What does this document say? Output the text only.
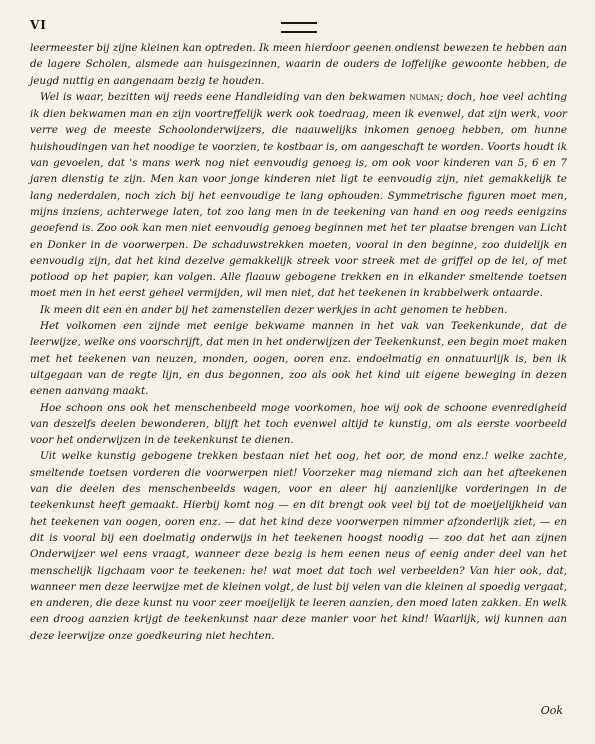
VI

leermeester bij zijne kleinen kan optreden. Ik meen hierdoor geenen ondienst bewezen te hebben aan de lagere Scholen, alsmede aan huisgezinnen, waarin de ouders de loffelijke gewoonte hebben, de jeugd nuttig en aangenaam bezig te houden.

Wel is waar, bezitten wij reeds eene Handleiding van den bekwamen numan; doch, hoe veel achting ik dien bekwamen man en zijn voortreffelijk werk ook toedraag, meen ik evenwel, dat zijn werk, voor verre weg de meeste Schoolonderwijzers, die naauwelijks inkomen genoeg hebben, om hunne huishoudingen van het noodige te voorzien, te kostbaar is, om aangeschaft te worden. Voorts houdt ik van gevoelen, dat 's mans werk nog niet eenvoudig genoeg is, om ook voor kinderen van 5, 6 en 7 jaren dienstig te zijn. Men kan voor jonge kinderen niet ligt te eenvoudig zijn, niet gemakkelijk te lang nederdalen, noch zich bij het eenvoudige te lang ophouden. Symmetrische figuren moet men, mijns inziens, achterwege laten, tot zoo lang men in de teekening van hand en oog reeds eenigzins geoefend is. Zoo ook kan men niet eenvoudig genoeg beginnen met het ter plaatse brengen van Licht en Donker in de voorwerpen. De schaduwstrekken moeten, vooral in den beginne, zoo duidelijk en eenvoudig zijn, dat het kind dezelve gemakkelijk streek voor streek met de griffel op de lei, of met potlood op het papier, kan volgen. Alle flaauw gebogene trekken en in elkander smeltende toetsen moet men in het eerst geheel vermijden, wil men niet, dat het teekenen in krabbelwerk ontaarde.

Ik meen dit een en ander bij het zamenstellen dezer werkjes in acht genomen te hebben.

Het volkomen een zijnde met eenige bekwame mannen in het vak van Teekenkunde, dat de leerwijze, welke ons voorschrijft, dat men in het onderwijzen der Teekenkunst, een begin moet maken met het teekenen van neuzen, monden, oogen, ooren enz. endoelmatig en onnatuurlijk is, ben ik uitgegaan van de regte lijn, en dus begonnen, zoo als ook het kind uit eigene beweging in dezen eenen aanvang maakt.

Hoe schoon ons ook het menschenbeeld moge voorkomen, hoe wij ook de schoone evenredigheid van deszelfs deelen bewonderen, blijft het toch evenwel altijd te kunstig, om als eerste voorbeeld voor het onderwijzen in de teekenkunst te dienen.

Uit welke kunstig gebogene trekken bestaan niet het oog, het oor, de mond enz.! welke zachte, smeltende toetsen vorderen die voorwerpen niet! Voorzeker mag niemand zich aan het afteekenen van die deelen des menschenbeelds wagen, voor en aleer hij aanzienlijke vorderingen in de teekenkunst heeft gemaakt. Hierbij komt nog — en dit brengt ook veel bij tot de moeijelijkheid van het teekenen van oogen, ooren enz. — dat het kind deze voorwerpen nimmer afzonderlijk ziet, — en dit is vooral bij een doelmatig onderwijs in het teekenen hoogst noodig — zoo dat het aan zijnen Onderwijzer wel eens vraagt, wanneer deze bezig is hem eenen neus of eenig ander deel van het menschelijk ligchaam voor te teekenen: he! wat moet dat toch wel verbeelden? Van hier ook, dat, wanneer men deze leerwijze met de kleinen volgt, de lust bij velen van die kleinen al spoedig vergaat, en anderen, die deze kunst nu voor zeer moeijelijk te leeren aanzien, den moed laten zakken. En welk een droog aanzien krijgt de teekenkunst naar deze manier voor het kind! Waarlijk, wij kunnen aan deze leerwijze onze goedkeuring niet hechten.

Ook
